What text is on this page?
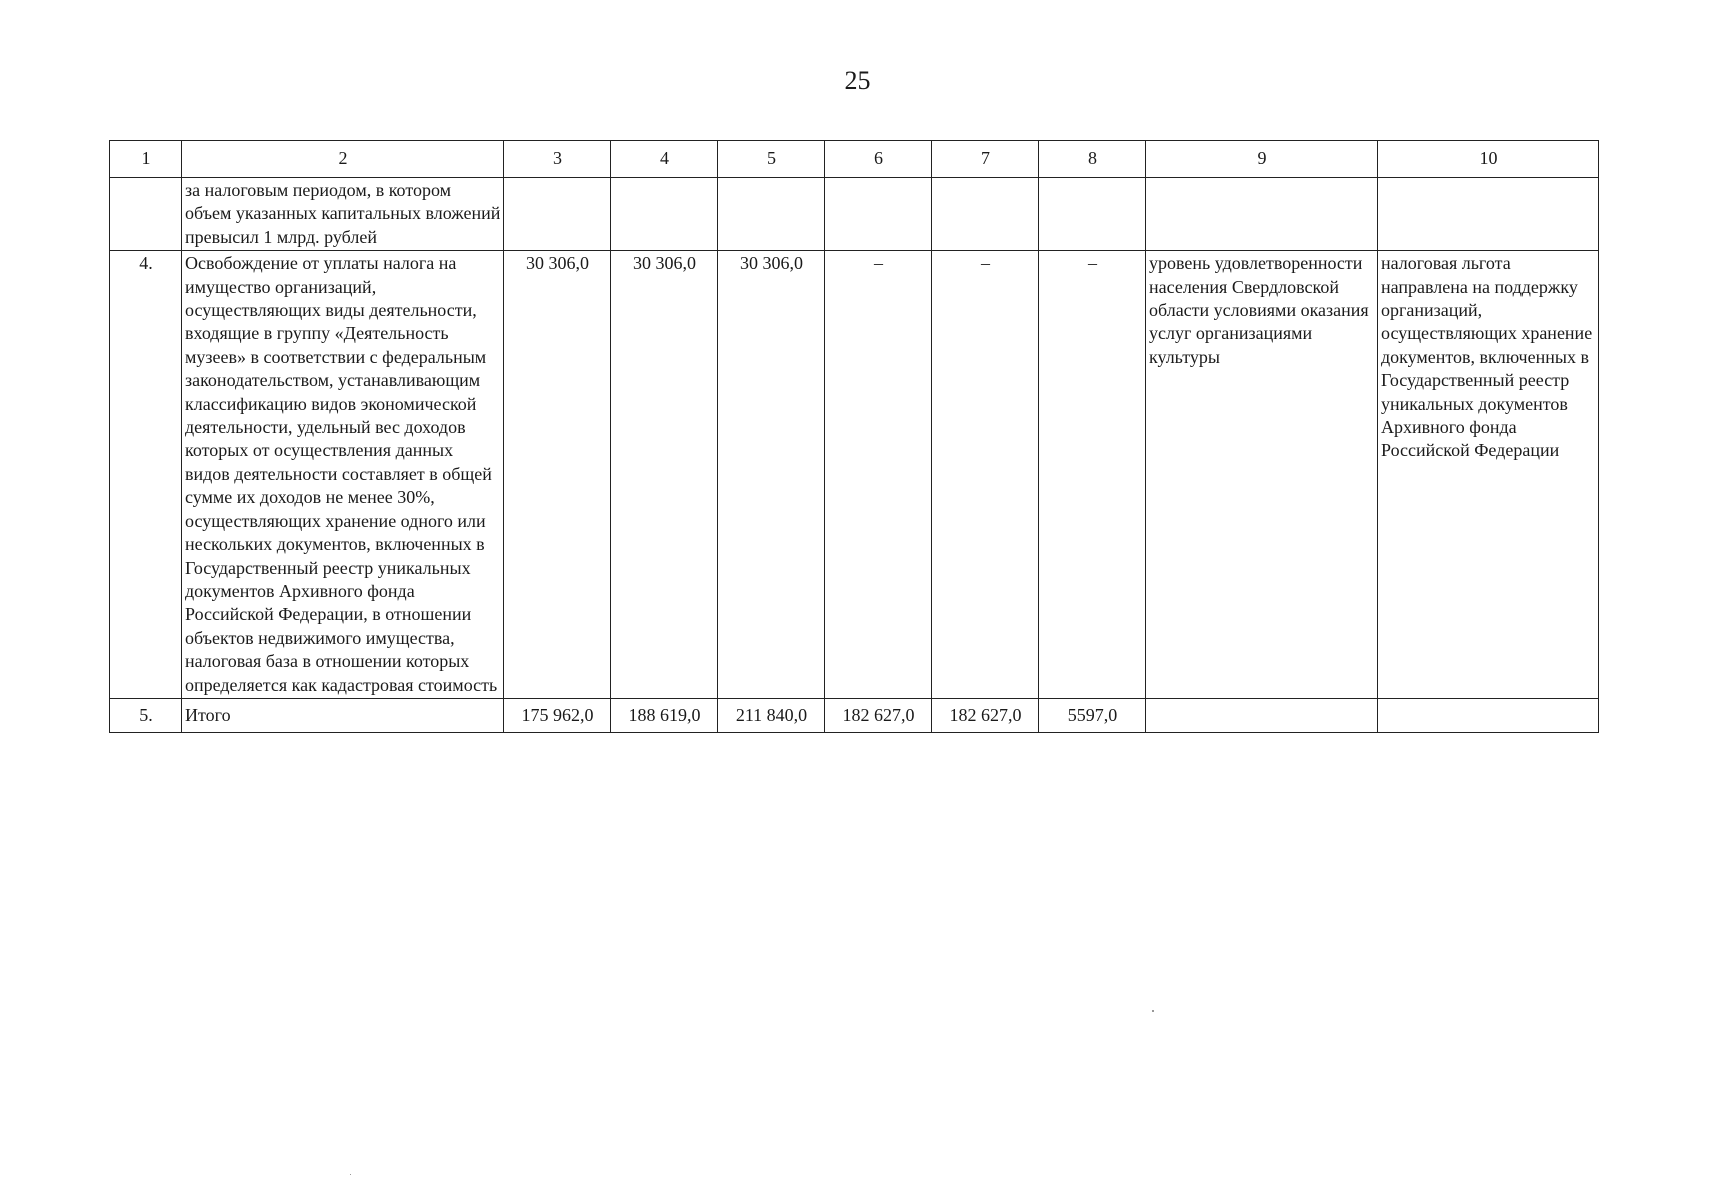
25
1	2	3	4	5	6	7	8	9	10
	за налоговым периодом, в котором объем указанных капитальных вложений превысил 1 млрд. рублей								
4.	Освобождение от уплаты налога на имущество организаций, осуществляющих виды деятельности, входящие в группу «Деятельность музеев» в соответствии с федеральным законодательством, устанавливающим классификацию видов экономической деятельности, удельный вес доходов которых от осуществления данных видов деятельности составляет в общей сумме их доходов не менее 30%, осуществляющих хранение одного или нескольких документов, включенных в Государственный реестр уникальных документов Архивного фонда Российской Федерации, в отношении объектов недвижимого имущества, налоговая база в отношении которых определяется как кадастровая стоимость	30 306,0	30 306,0	30 306,0	–	–	–	уровень удовлетворенности населения Свердловской области условиями оказания услуг организациями культуры	налоговая льгота направлена на поддержку организаций, осуществляющих хранение документов, включенных в Государственный реестр уникальных документов Архивного фонда Российской Федерации
5.	Итого	175 962,0	188 619,0	211 840,0	182 627,0	182 627,0	5597,0		
